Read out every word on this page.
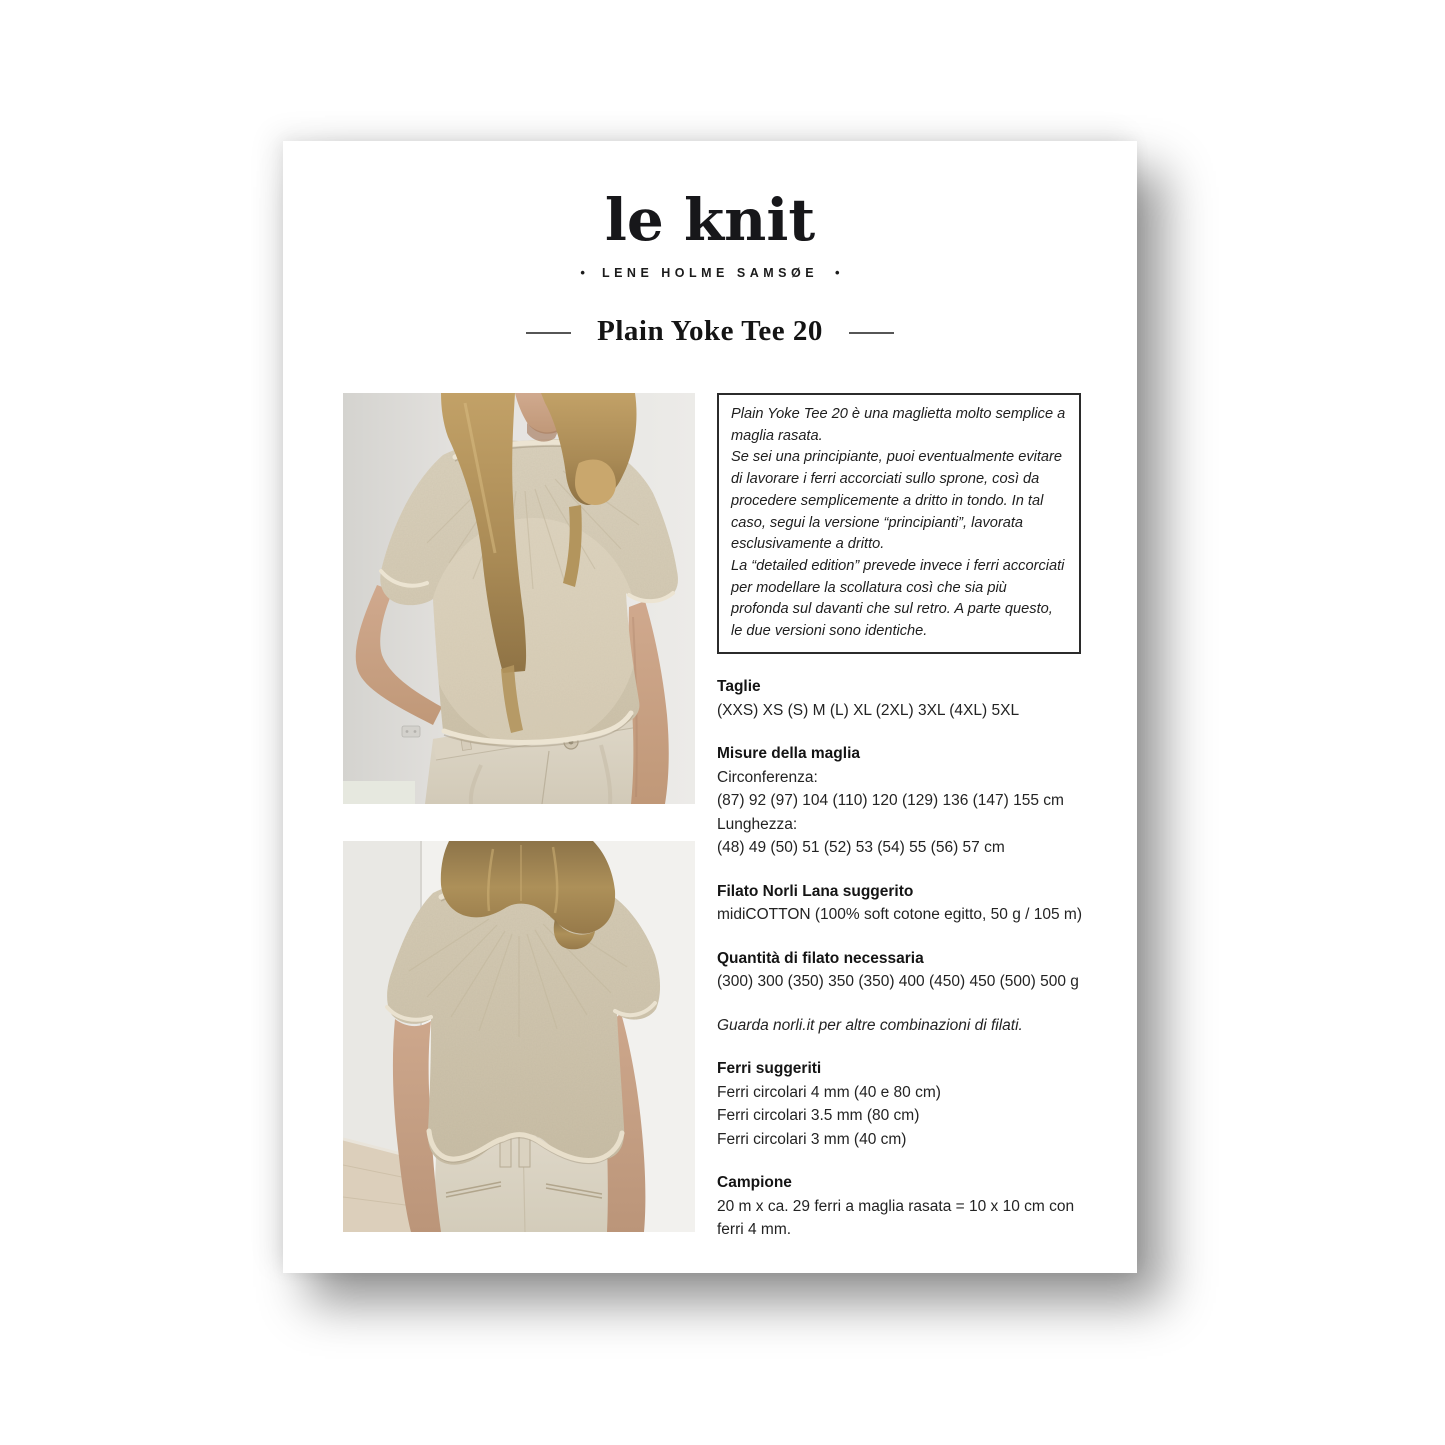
le knit
• LENE HOLME SAMSØE •
Plain Yoke Tee 20

Plain Yoke Tee 20 è una maglietta molto semplice a maglia rasata.

Se sei una principiante, puoi eventualmente evitare di lavorare i ferri accorciati sullo sprone, così da procedere semplicemente a dritto in tondo. In tal caso, segui la versione “principianti”, lavorata esclusivamente a dritto.

La “detailed edition” prevede invece i ferri accorciati per modellare la scollatura così che sia più profonda sul davanti che sul retro. A parte questo, le due versioni sono identiche.

Taglie
(XXS) XS (S) M (L) XL (2XL) 3XL (4XL) 5XL
Misure della maglia
Circonferenza:
(87) 92 (97) 104 (110) 120 (129) 136 (147) 155 cm
Lunghezza:
(48) 49 (50) 51 (52) 53 (54) 55 (56) 57 cm
Filato Norli Lana suggerito
midiCOTTON (100% soft cotone egitto, 50 g / 105 m)
Quantità di filato necessaria
(300) 300 (350) 350 (350) 400 (450) 450 (500) 500 g
Guarda norli.it per altre combinazioni di filati.
Ferri suggeriti
Ferri circolari 4 mm (40 e 80 cm)
Ferri circolari 3.5 mm (80 cm)
Ferri circolari 3 mm (40 cm)
Campione
20 m x ca. 29 ferri a maglia rasata = 10 x 10 cm con
ferri 4 mm.
